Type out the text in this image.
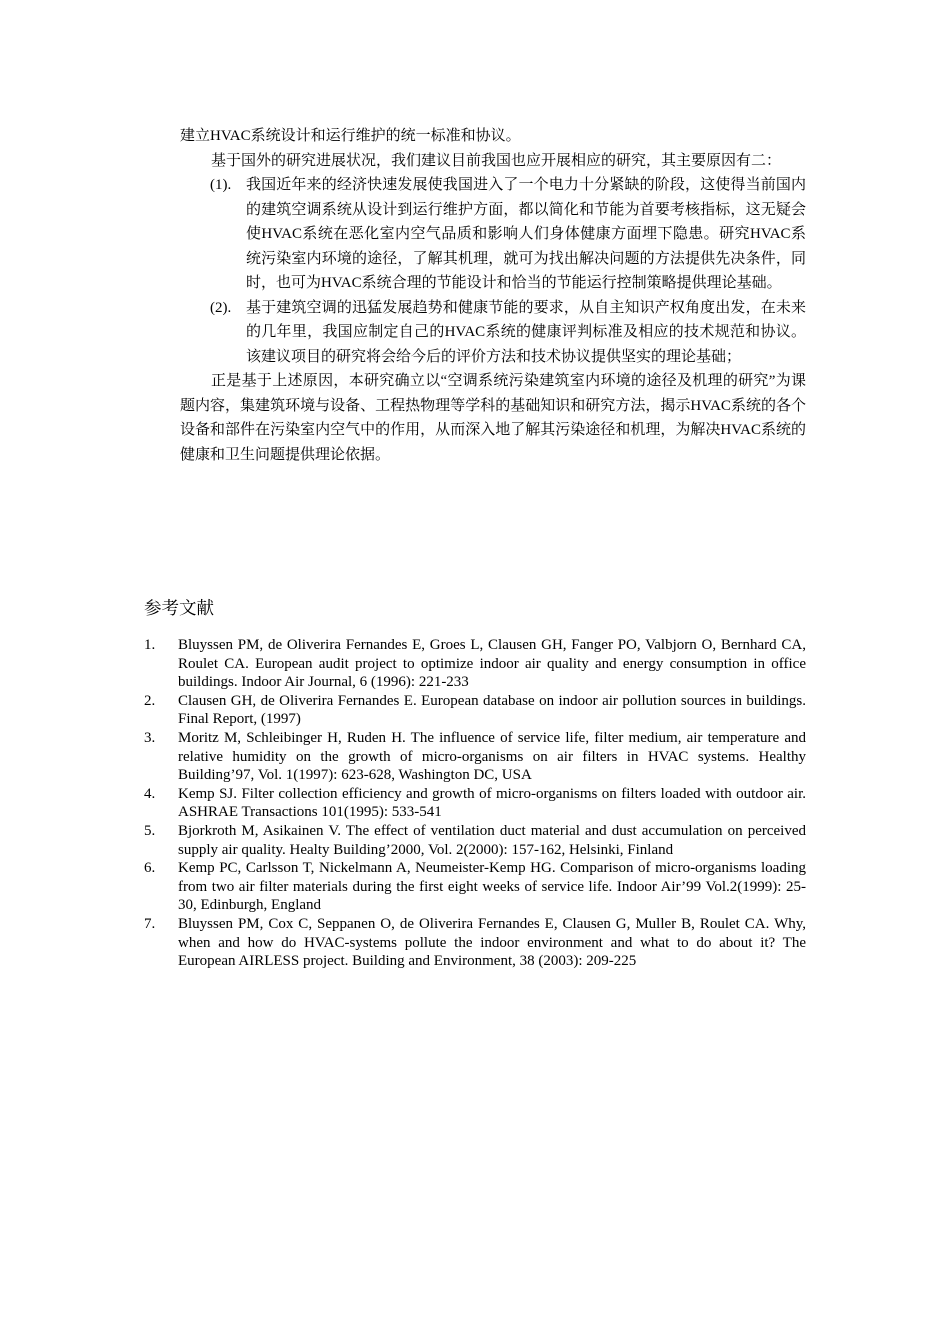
建立HVAC系统设计和运行维护的统一标准和协议。

基于国外的研究进展状况，我们建议目前我国也应开展相应的研究，其主要原因有二：

(1). 我国近年来的经济快速发展使我国进入了一个电力十分紧缺的阶段，这使得当前国内的建筑空调系统从设计到运行维护方面，都以简化和节能为首要考核指标，这无疑会使HVAC系统在恶化室内空气品质和影响人们身体健康方面埋下隐患。研究HVAC系统污染室内环境的途径，了解其机理，就可为找出解决问题的方法提供先决条件，同时，也可为HVAC系统合理的节能设计和恰当的节能运行控制策略提供理论基础。
(2). 基于建筑空调的迅猛发展趋势和健康节能的要求，从自主知识产权角度出发，在未来的几年里，我国应制定自己的HVAC系统的健康评判标准及相应的技术规范和协议。该建议项目的研究将会给今后的评价方法和技术协议提供坚实的理论基础；

正是基于上述原因，本研究确立以“空调系统污染建筑室内环境的途径及机理的研究”为课题内容，集建筑环境与设备、工程热物理等学科的基础知识和研究方法，揭示HVAC系统的各个设备和部件在污染室内空气中的作用，从而深入地了解其污染途径和机理，为解决HVAC系统的健康和卫生问题提供理论依据。

参考文献
1. Bluyssen PM, de Oliverira Fernandes E, Groes L, Clausen GH, Fanger PO, Valbjorn O, Bernhard CA, Roulet CA. European audit project to optimize indoor air quality and energy consumption in office buildings. Indoor Air Journal, 6 (1996): 221-233
2. Clausen GH, de Oliverira Fernandes E. European database on indoor air pollution sources in buildings. Final Report, (1997)
3. Moritz M, Schleibinger H, Ruden H. The influence of service life, filter medium, air temperature and relative humidity on the growth of micro-organisms on air filters in HVAC systems. Healthy Building’97, Vol. 1(1997): 623-628, Washington DC, USA
4. Kemp SJ. Filter collection efficiency and growth of micro-organisms on filters loaded with outdoor air. ASHRAE Transactions 101(1995): 533-541
5. Bjorkroth M, Asikainen V. The effect of ventilation duct material and dust accumulation on perceived supply air quality. Healty Building’2000, Vol. 2(2000): 157-162, Helsinki, Finland
6. Kemp PC, Carlsson T, Nickelmann A, Neumeister-Kemp HG. Comparison of micro-organisms loading from two air filter materials during the first eight weeks of service life. Indoor Air’99 Vol.2(1999): 25-30, Edinburgh, England
7. Bluyssen PM, Cox C, Seppanen O, de Oliverira Fernandes E, Clausen G, Muller B, Roulet CA. Why, when and how do HVAC-systems pollute the indoor environment and what to do about it? The European AIRLESS project. Building and Environment, 38 (2003): 209-225
